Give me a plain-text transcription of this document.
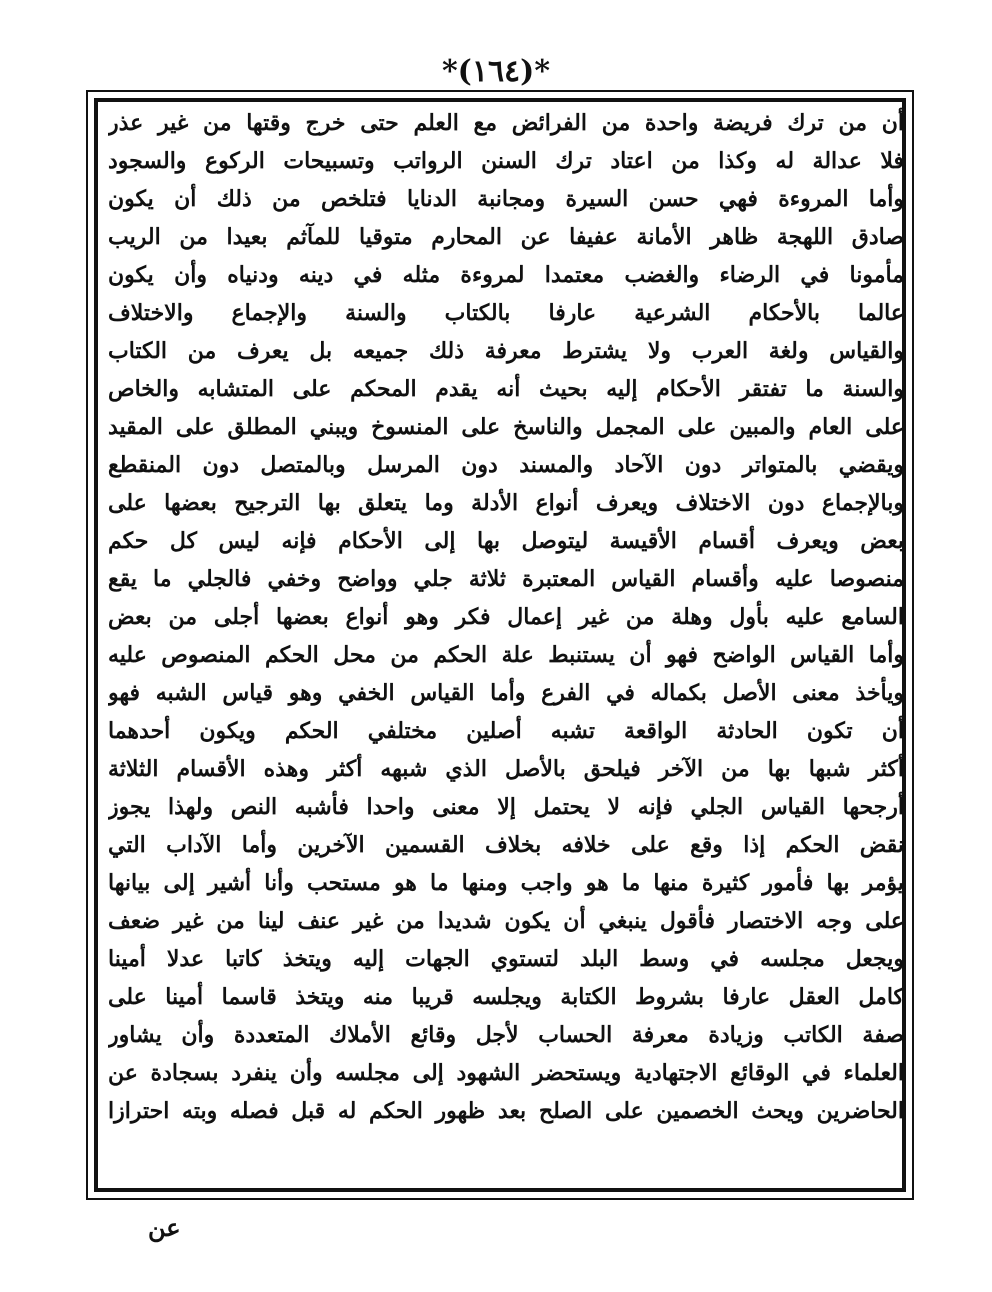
*(١٦٤)*
أن من ترك فريضة واحدة من الفرائض مع العلم حتى خرج وقتها من غير عذر
فلا عدالة له وكذا من اعتاد ترك السنن الرواتب وتسبيحات الركوع والسجود
وأما المروءة فهي حسن السيرة ومجانبة الدنايا فتلخص من ذلك أن يكون
صادق اللهجة ظاهر الأمانة عفيفا عن المحارم متوقيا للمآثم بعيدا من الريب
مأمونا في الرضاء والغضب معتمدا لمروءة مثله في دينه ودنياه وأن يكون
عالما بالأحكام الشرعية عارفا بالكتاب والسنة والإجماع والاختلاف
والقياس ولغة العرب ولا يشترط معرفة ذلك جميعه بل يعرف من الكتاب
والسنة ما تفتقر الأحكام إليه بحيث أنه يقدم المحكم على المتشابه والخاص
على العام والمبين على المجمل والناسخ على المنسوخ ويبني المطلق على المقيد
ويقضي بالمتواتر دون الآحاد والمسند دون المرسل وبالمتصل دون المنقطع
وبالإجماع دون الاختلاف ويعرف أنواع الأدلة وما يتعلق بها الترجيح بعضها على
بعض ويعرف أقسام الأقيسة ليتوصل بها إلى الأحكام فإنه ليس كل حكم
منصوصا عليه وأقسام القياس المعتبرة ثلاثة جلي وواضح وخفي فالجلي ما يقع
السامع عليه بأول وهلة من غير إعمال فكر وهو أنواع بعضها أجلى من بعض
وأما القياس الواضح فهو أن يستنبط علة الحكم من محل الحكم المنصوص عليه
ويأخذ معنى الأصل بكماله في الفرع وأما القياس الخفي وهو قياس الشبه فهو
أن تكون الحادثة الواقعة تشبه أصلين مختلفي الحكم ويكون أحدهما
أكثر شبها بها من الآخر فيلحق بالأصل الذي شبهه أكثر وهذه الأقسام الثلاثة
أرجحها القياس الجلي فإنه لا يحتمل إلا معنى واحدا فأشبه النص ولهذا يجوز
نقض الحكم إذا وقع على خلافه بخلاف القسمين الآخرين وأما الآداب التي
يؤمر بها فأمور كثيرة منها ما هو واجب ومنها ما هو مستحب وأنا أشير إلى بيانها
على وجه الاختصار فأقول ينبغي أن يكون شديدا من غير عنف لينا من غير ضعف
ويجعل مجلسه في وسط البلد لتستوي الجهات إليه ويتخذ كاتبا عدلا أمينا
كامل العقل عارفا بشروط الكتابة ويجلسه قريبا منه ويتخذ قاسما أمينا على
صفة الكاتب وزيادة معرفة الحساب لأجل وقائع الأملاك المتعددة وأن يشاور
العلماء في الوقائع الاجتهادية ويستحضر الشهود إلى مجلسه وأن ينفرد بسجادة عن
الحاضرين ويحث الخصمين على الصلح بعد ظهور الحكم له قبل فصله وبته احترازا
عن
